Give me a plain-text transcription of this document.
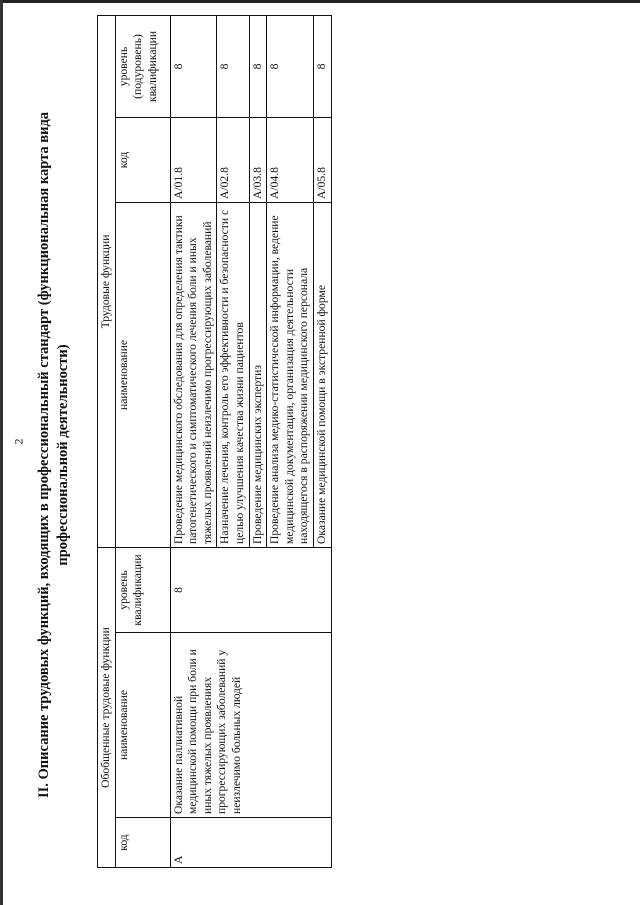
2 II. Описание трудовых функций, входящих в профессиональный стандарт (функциональная карта вида профессиональной деятельности)
Обобщенные трудовые функции			Трудовые функции		
код	наименование	уровень квалификации	наименование	код	уровень (подуровень) квалификации
A	Оказание паллиативной медицинской помощи при боли и иных тяжелых проявлениях прогрессирующих заболеваний у неизлечимо больных людей	8	Проведение медицинского обследования для определения тактики патогенетического и симптоматического лечения боли и иных тяжелых проявлений неизлечимо прогрессирующих заболеваний	A/01.8	8
			Назначение лечения, контроль его эффективности и безопасности с целью улучшения качества жизни пациентов	A/02.8	8
			Проведение медицинских экспертиз	A/03.8	8
			Проведение анализа медико-статистической информации, ведение медицинской документации, организация деятельности находящегося в распоряжении медицинского персонала	A/04.8	8
			Оказание медицинской помощи в экстренной форме	A/05.8	8
